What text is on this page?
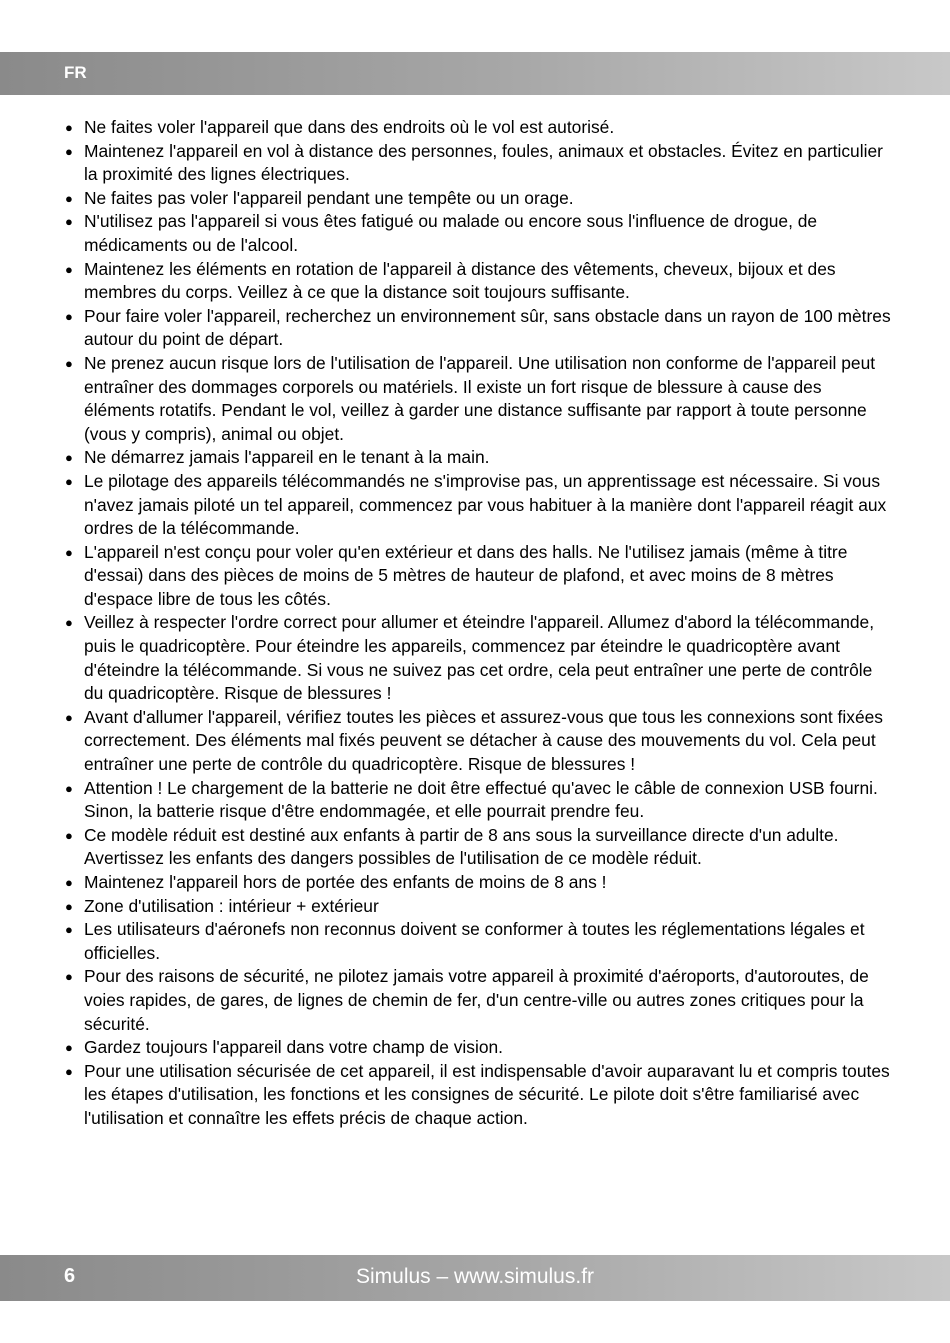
FR
● Ne faites voler l'appareil que dans des endroits où le vol est autorisé.
● Maintenez l'appareil en vol à distance des personnes, foules, animaux et obstacles. Évitez en particulier la proximité des lignes électriques.
● Ne faites pas voler l'appareil pendant une tempête ou un orage.
● N'utilisez pas l'appareil si vous êtes fatigué ou malade ou encore sous l'influence de drogue, de médicaments ou de l'alcool.
● Maintenez les éléments en rotation de l'appareil à distance des vêtements, cheveux, bijoux et des membres du corps. Veillez à ce que la distance soit toujours suffisante.
● Pour faire voler l'appareil, recherchez un environnement sûr, sans obstacle dans un rayon de 100 mètres autour du point de départ.
● Ne prenez aucun risque lors de l'utilisation de l'appareil. Une utilisation non conforme de l'appareil peut entraîner des dommages corporels ou matériels. Il existe un fort risque de blessure à cause des éléments rotatifs. Pendant le vol, veillez à garder une distance suffisante par rapport à toute personne (vous y compris), animal ou objet.
● Ne démarrez jamais l'appareil en le tenant à la main.
● Le pilotage des appareils télécommandés ne s'improvise pas, un apprentissage est nécessaire. Si vous n'avez jamais piloté un tel appareil, commencez par vous habituer à la manière dont l'appareil réagit aux ordres de la télécommande.
● L'appareil n'est conçu pour voler qu'en extérieur et dans des halls. Ne l'utilisez jamais (même à titre d'essai) dans des pièces de moins de 5 mètres de hauteur de plafond, et avec moins de 8 mètres d'espace libre de tous les côtés.
● Veillez à respecter l'ordre correct pour allumer et éteindre l'appareil. Allumez d'abord la télécommande, puis le quadricoptère. Pour éteindre les appareils, commencez par éteindre le quadricoptère avant d'éteindre la télécommande. Si vous ne suivez pas cet ordre, cela peut entraîner une perte de contrôle du quadricoptère. Risque de blessures !
● Avant d'allumer l'appareil, vérifiez toutes les pièces et assurez-vous que tous les connexions sont fixées correctement. Des éléments mal fixés peuvent se détacher à cause des mouvements du vol. Cela peut entraîner une perte de contrôle du quadricoptère. Risque de blessures !
● Attention ! Le chargement de la batterie ne doit être effectué qu'avec le câble de connexion USB fourni. Sinon, la batterie risque d'être endommagée, et elle pourrait prendre feu.
● Ce modèle réduit est destiné aux enfants à partir de 8 ans sous la surveillance directe d'un adulte. Avertissez les enfants des dangers possibles de l'utilisation de ce modèle réduit.
● Maintenez l'appareil hors de portée des enfants de moins de 8 ans !
● Zone d'utilisation : intérieur + extérieur
● Les utilisateurs d'aéronefs non reconnus doivent se conformer à toutes les réglementations légales et officielles.
● Pour des raisons de sécurité, ne pilotez jamais votre appareil à proximité d'aéroports, d'autoroutes, de voies rapides, de gares, de lignes de chemin de fer, d'un centre-ville ou autres zones critiques pour la sécurité.
● Gardez toujours l'appareil dans votre champ de vision.
● Pour une utilisation sécurisée de cet appareil, il est indispensable d'avoir auparavant lu et compris toutes les étapes d'utilisation, les fonctions et les consignes de sécurité. Le pilote doit s'être familiarisé avec l'utilisation et connaître les effets précis de chaque action.
6	Simulus – www.simulus.fr
